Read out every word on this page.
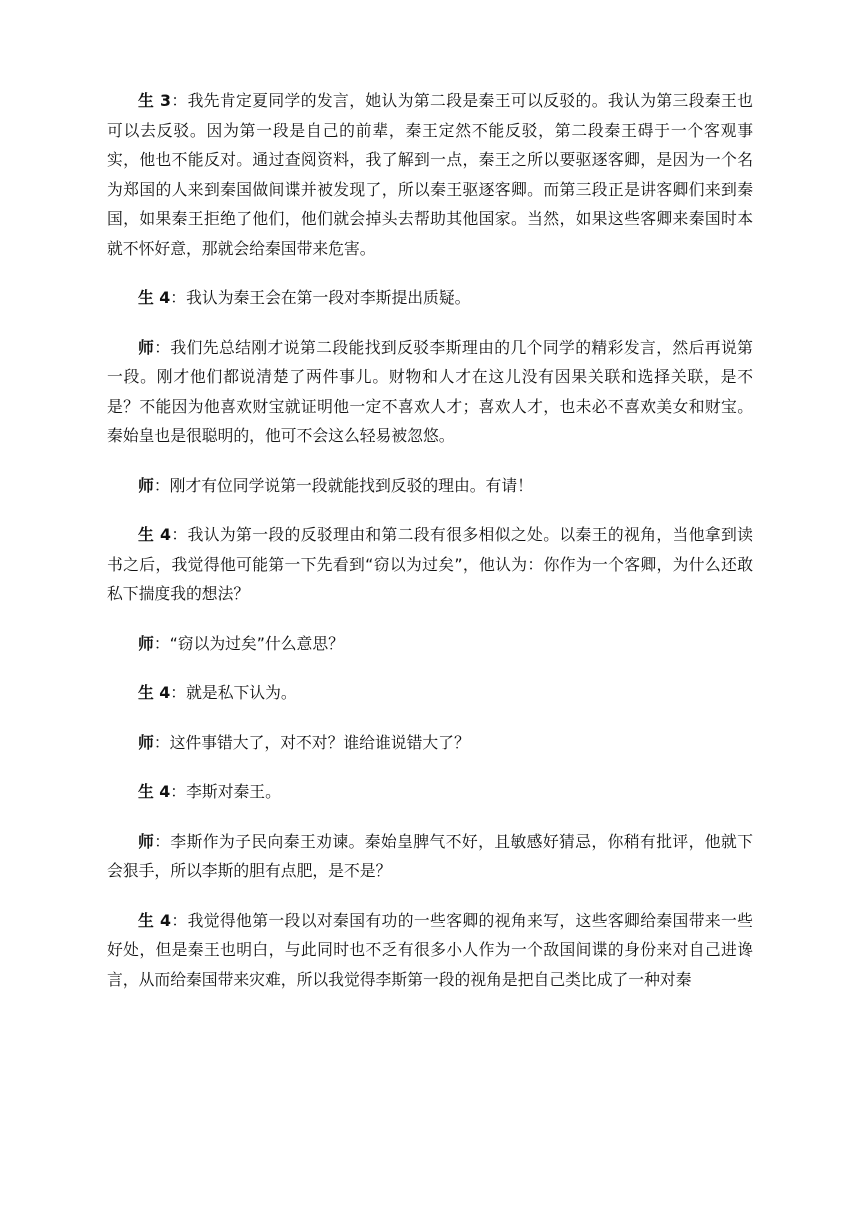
生 3：我先肯定夏同学的发言，她认为第二段是秦王可以反驳的。我认为第三段秦王也可以去反驳。因为第一段是自己的前辈，秦王定然不能反驳，第二段秦王碍于一个客观事实，他也不能反对。通过查阅资料，我了解到一点，秦王之所以要驱逐客卿，是因为一个名为郑国的人来到秦国做间谍并被发现了，所以秦王驱逐客卿。而第三段正是讲客卿们来到秦国，如果秦王拒绝了他们，他们就会掉头去帮助其他国家。当然，如果这些客卿来秦国时本就不怀好意，那就会给秦国带来危害。

生 4：我认为秦王会在第一段对李斯提出质疑。

师：我们先总结刚才说第二段能找到反驳李斯理由的几个同学的精彩发言，然后再说第一段。刚才他们都说清楚了两件事儿。财物和人才在这儿没有因果关联和选择关联，是不是？不能因为他喜欢财宝就证明他一定不喜欢人才；喜欢人才，也未必不喜欢美女和财宝。秦始皇也是很聪明的，他可不会这么轻易被忽悠。

师：刚才有位同学说第一段就能找到反驳的理由。有请！

生 4：我认为第一段的反驳理由和第二段有很多相似之处。以秦王的视角，当他拿到读书之后，我觉得他可能第一下先看到“窃以为过矣”，他认为：你作为一个客卿，为什么还敢私下揣度我的想法？

师：“窃以为过矣”什么意思？

生 4：就是私下认为。

师：这件事错大了，对不对？谁给谁说错大了？

生 4：李斯对秦王。

师：李斯作为子民向秦王劝谏。秦始皇脾气不好，且敏感好猜忌，你稍有批评，他就下会狠手，所以李斯的胆有点肥，是不是？

生 4：我觉得他第一段以对秦国有功的一些客卿的视角来写，这些客卿给秦国带来一些好处，但是秦王也明白，与此同时也不乏有很多小人作为一个敌国间谍的身份来对自己进谗言，从而给秦国带来灾难，所以我觉得李斯第一段的视角是把自己类比成了一种对秦
